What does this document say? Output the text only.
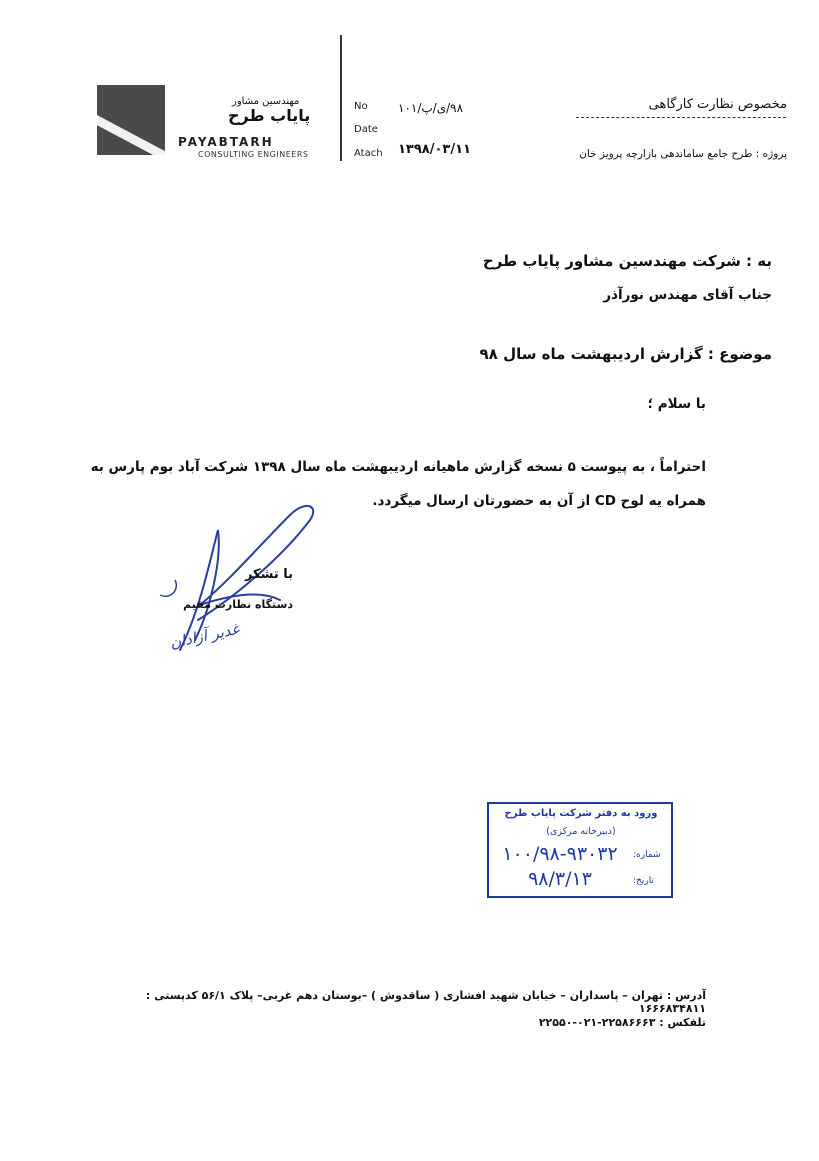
مهندسین مشاور
پایاب طرح
PAYABTARH
CONSULTING ENGINEERS
No	۹۸/ی/پ/۱۰۱
Date
Atach ۱۳۹۸/۰۳/۱۱
مخصوص نظارت کارگاهی
پروژه : طرح جامع ساماندهی بازارچه پرویز خان
به : شرکت مهندسین مشاور پایاب طرح
جناب آقای مهندس نورآذر
موضوع : گزارش اردیبهشت ماه سال ۹۸
با سلام ؛
احتراماً ، به پیوست ۵ نسخه گزارش ماهیانه اردیبهشت ماه سال ۱۳۹۸ شرکت آباد بوم پارس به همراه یه لوح CD از آن به حضورتان ارسال میگردد.
با تشکر
دستگاه نظارت مقیم
غدیر آزادان
ورود به دفتر شرکت پایاب طرح
(دبیرخانه مرکزی)
شماره:
۱۰۰/۹۸-۹۳۰۳۲
تاریخ:
۹۸/۳/۱۳
آدرس : تهران – پاسداران – خیابان شهید افشاری ( ساقدوش ) –بوستان دهم غربی– پلاک ۵۶/۱ کدپستی : ۱۶۶۶۸۳۴۸۱۱
تلفکس : ۲۲۵۸۶۶۶۳-۰۲۱-۲۲۵۵۰
